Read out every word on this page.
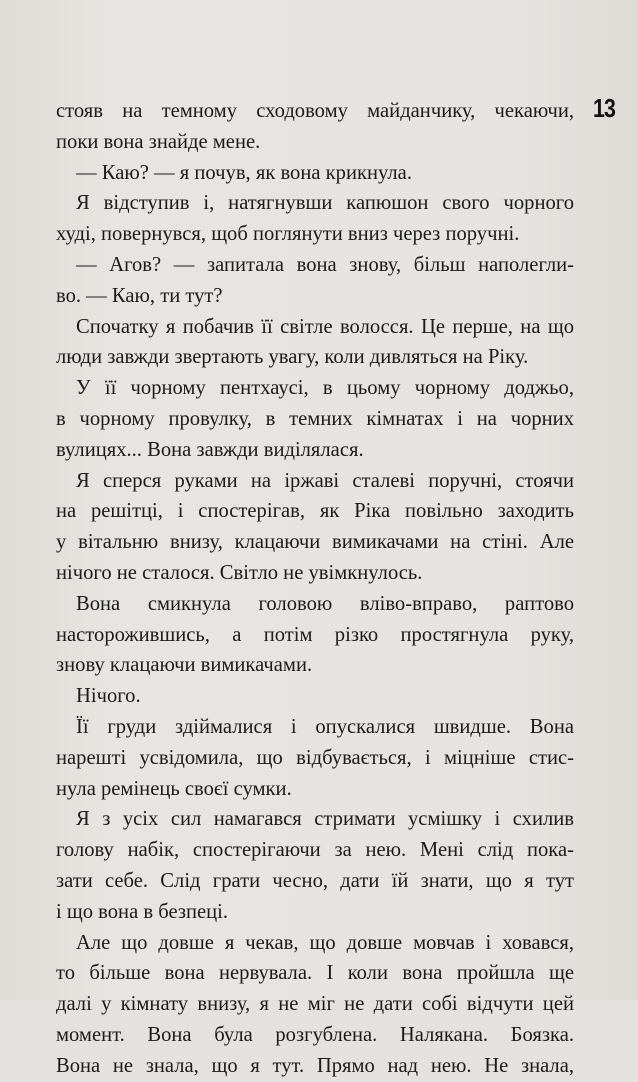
13
стояв на темному сходовому майданчику, чекаючи,
поки вона знайде мене.
— Каю? — я почув, як вона крикнула.
Я відступив і, натягнувши капюшон свого чорного
худі, повернувся, щоб поглянути вниз через поручні.
— Агов? — запитала вона знову, більш наполегли-
во. — Каю, ти тут?
Спочатку я побачив її світле волосся. Це перше, на що
люди завжди звертають увагу, коли дивляться на Ріку.
У її чорному пентхаусі, в цьому чорному доджьо,
в чорному провулку, в темних кімнатах і на чорних
вулицях... Вона завжди виділялася.
Я сперся руками на іржаві сталеві поручні, стоячи
на решітці, і спостерігав, як Ріка повільно заходить
у вітальню внизу, клацаючи вимикачами на стіні. Але
нічого не сталося. Світло не увімкнулось.
Вона смикнула головою вліво-вправо, раптово
насторожившись, а потім різко простягнула руку,
знову клацаючи вимикачами.
Нічого.
Її груди здіймалися і опускалися швидше. Вона
нарешті усвідомила, що відбувається, і міцніше стис-
нула ремінець своєї сумки.
Я з усіх сил намагався стримати усмішку і схилив
голову набік, спостерігаючи за нею. Мені слід пока-
зати себе. Слід грати чесно, дати їй знати, що я тут
і що вона в безпеці.
Але що довше я чекав, що довше мовчав і ховався,
то більше вона нервувала. І коли вона пройшла ще
далі у кімнату внизу, я не міг не дати собі відчути цей
момент. Вона була розгублена. Налякана. Боязка.
Вона не знала, що я тут. Прямо над нею. Не знала,
